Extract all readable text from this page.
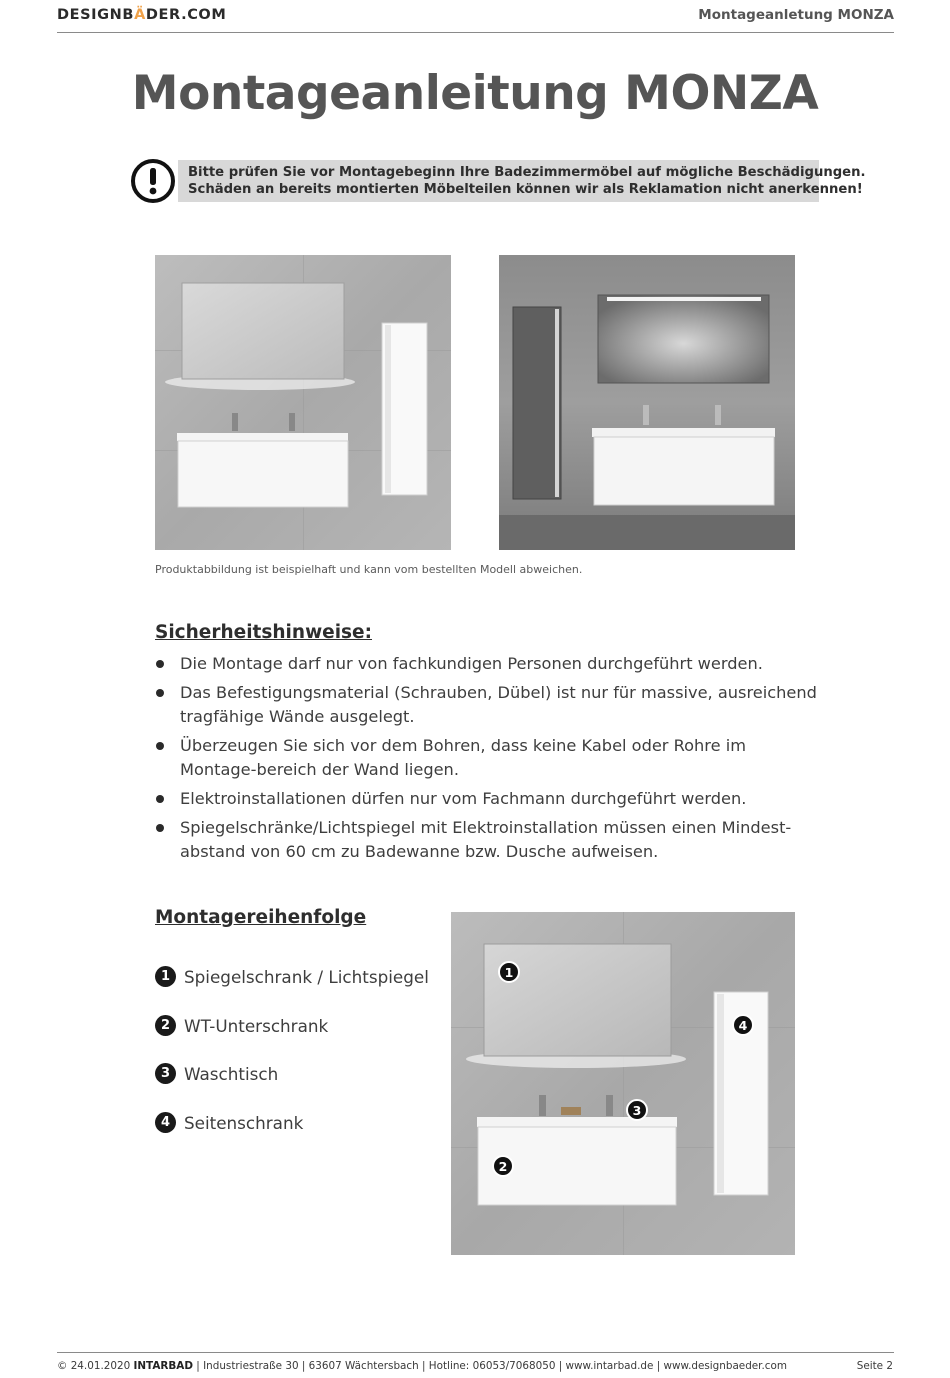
DESIGNBÄDER.COM	Montageanletung MONZA
Montageanleitung MONZA
Bitte prüfen Sie vor Montagebeginn Ihre Badezimmermöbel auf mögliche Beschädigungen.
Schäden an bereits montierten Möbelteilen können wir als Reklamation nicht anerkennen!
Produktabbildung ist beispielhaft und kann vom bestellten Modell abweichen.
Sicherheitshinweise:
Die Montage darf nur von fachkundigen Personen durchgeführt werden.
Das Befestigungsmaterial (Schrauben, Dübel) ist nur für massive, ausreichend tragfähige Wände ausgelegt.
Überzeugen Sie sich vor dem Bohren, dass keine Kabel oder Rohre im Montage-bereich der Wand liegen.
Elektroinstallationen dürfen nur vom Fachmann durchgeführt werden.
Spiegelschränke/Lichtspiegel mit Elektroinstallation müssen einen Mindest-abstand von 60 cm zu Badewanne bzw. Dusche aufweisen.
Montagereihenfolge
1 Spiegelschrank / Lichtspiegel
2 WT-Unterschrank
3 Waschtisch
4 Seitenschrank
1
4
3
2
© 24.01.2020 INTARBAD | Industriestraße 30 | 63607 Wächtersbach | Hotline: 06053/7068050 | www.intarbad.de | www.designbaeder.com	Seite 2
